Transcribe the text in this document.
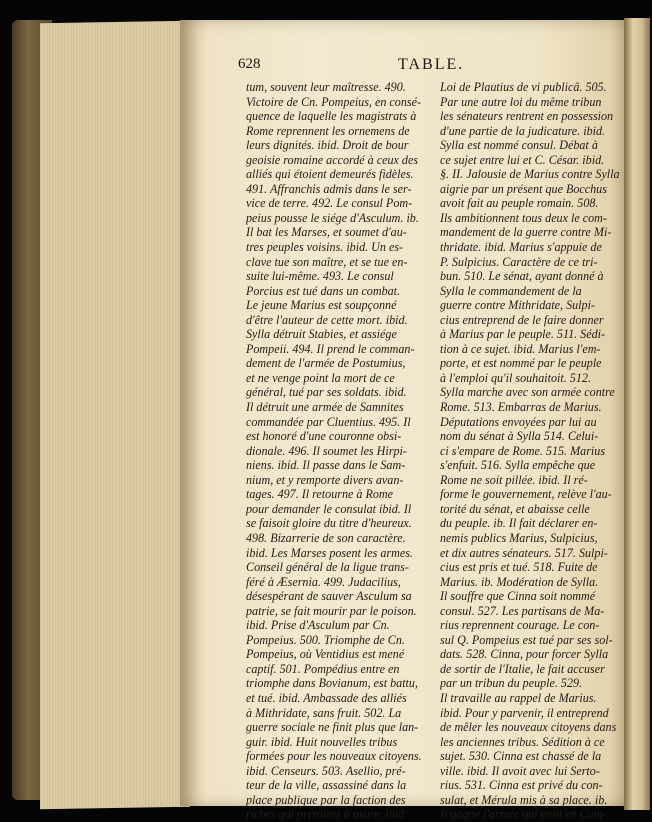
628	TABLE.
tum, souvent leur maîtresse. 490.
Victoire de Cn. Pompeius, en consé-
quence de laquelle les magistrats à
Rome reprennent les ornemens de
leurs dignités. ibid. Droit de bour
geoisie romaine accordé à ceux des
alliés qui étoient demeurés fidèles.
491. Affranchis admis dans le ser-
vice de terre. 492. Le consul Pom-
peius pousse le siége d'Asculum. ib.
Il bat les Marses, et soumet d'au-
tres peuples voisins. ibid. Un es-
clave tue son maître, et se tue en-
suite lui-même. 493. Le consul
Porcius est tué dans un combat.
Le jeune Marius est soupçonné
d'être l'auteur de cette mort. ibid.
Sylla détruit Stabies, et assiége
Pompeii. 494. Il prend le comman-
dement de l'armée de Postumius,
et ne venge point la mort de ce
général, tué par ses soldats. ibid.
Il détruit une armée de Samnites
commandée par Cluentius. 495. Il
est honoré d'une couronne obsi-
dionale. 496. Il soumet les Hirpi-
niens. ibid. Il passe dans le Sam-
nium, et y remporte divers avan-
tages. 497. Il retourne à Rome
pour demander le consulat ibid. Il
se faisoit gloire du titre d'heureux.
498. Bizarrerie de son caractère.
ibid. Les Marses posent les armes.
Conseil général de la ligue trans-
féré à Æsernia. 499. Judacilius,
désespérant de sauver Asculum sa
patrie, se fait mourir par le poison.
ibid. Prise d'Asculum par Cn.
Pompeius. 500. Triomphe de Cn.
Pompeius, où Ventidius est mené
captif. 501. Pompédius entre en
triomphe dans Bovianum, est battu,
et tué. ibid. Ambassade des alliés
à Mithridate, sans fruit. 502. La
guerre sociale ne finit plus que lan-
guir. ibid. Huit nouvelles tribus
formées pour les nouveaux citoyens.
ibid. Censeurs. 503. Asellio, pré-
teur de la ville, assassiné dans la
place publique par la faction des
riches qui prêtoient à usure. ibid.
Loi de Plautius de vi publicâ. 505.
Par une autre loi du même tribun
les sénateurs rentrent en possession
d'une partie de la judicature. ibid.
Sylla est nommé consul. Débat à
ce sujet entre lui et C. César. ibid.
§. II. Jalousie de Marius contre Sylla
aigrie par un présent que Bocchus
avoit fait au peuple romain. 508.
Ils ambitionnent tous deux le com-
mandement de la guerre contre Mi-
thridate. ibid. Marius s'appuie de
P. Sulpicius. Caractère de ce tri-
bun. 510. Le sénat, ayant donné à
Sylla le commandement de la
guerre contre Mithridate, Sulpi-
cius entreprend de le faire donner
à Marius par le peuple. 511. Sédi-
tion à ce sujet. ibid. Marius l'em-
porte, et est nommé par le peuple
à l'emploi qu'il souhaitoit. 512.
Sylla marche avec son armée contre
Rome. 513. Embarras de Marius.
Députations envoyées par lui au
nom du sénat à Sylla 514. Celui-
ci s'empare de Rome. 515. Marius
s'enfuit. 516. Sylla empêche que
Rome ne soit pillée. ibid. Il ré-
forme le gouvernement, relève l'au-
torité du sénat, et abaisse celle
du peuple. ib. Il fait déclarer en-
nemis publics Marius, Sulpicius,
et dix autres sénateurs. 517. Sulpi-
cius est pris et tué. 518. Fuite de
Marius. ib. Modération de Sylla.
Il souffre que Cinna soit nommé
consul. 527. Les partisans de Ma-
rius reprennent courage. Le con-
sul Q. Pompeius est tué par ses sol-
dats. 528. Cinna, pour forcer Sylla
de sortir de l'Italie, le fait accuser
par un tribun du peuple. 529.
Il travaille au rappel de Marius.
ibid. Pour y parvenir, il entreprend
de mêler les nouveaux citoyens dans
les anciennes tribus. Sédition à ce
sujet. 530. Cinna est chassé de la
ville. ibid. Il avoit avec lui Serto-
rius. 531. Cinna est privé du con-
sulat, et Mérula mis à sa place. ib.
Il gagne l'armée qui étoit en Cam-
